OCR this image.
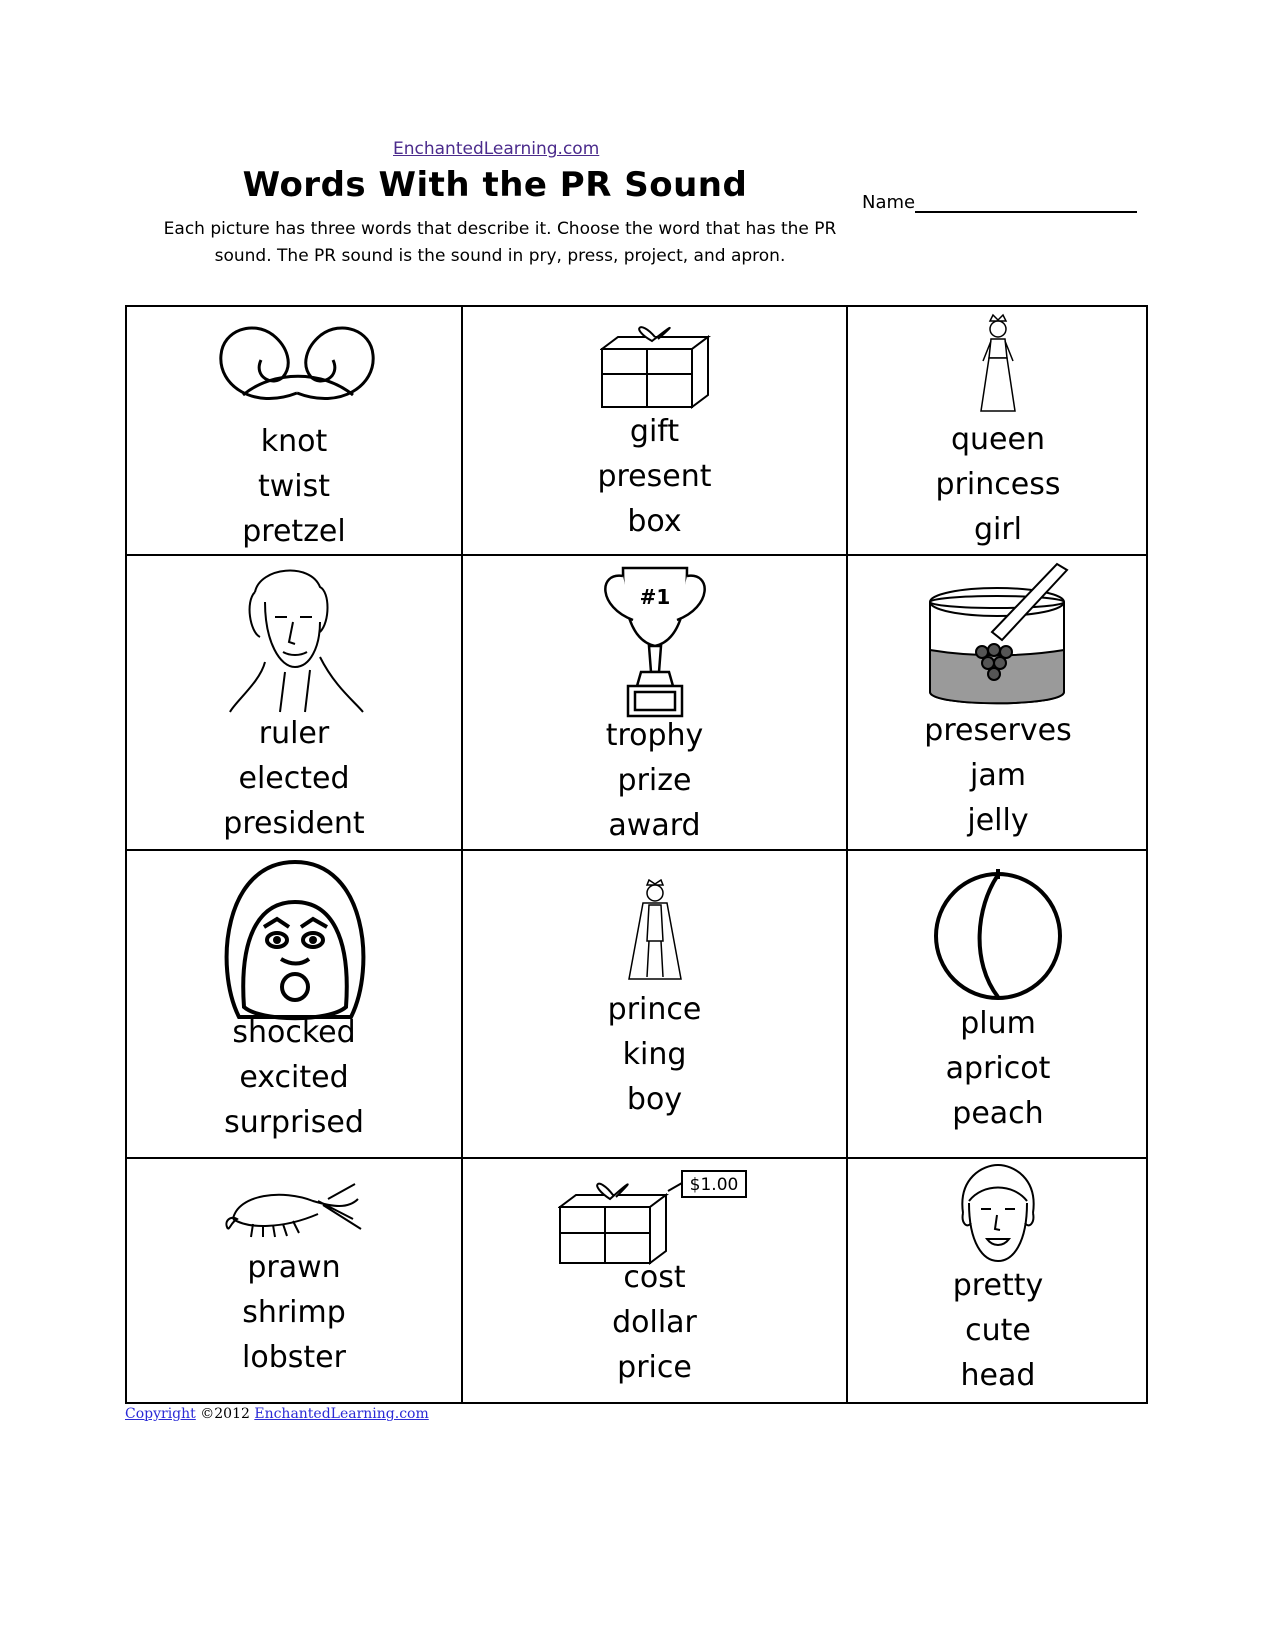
EnchantedLearning.com
Words With the PR Sound	Name

Each picture has three words that describe it. Choose the word that has the PR sound. The PR sound is the sound in pry, press, project, and apron.

knot
twist
pretzel
gift
present
box
queen
princess
girl
ruler
elected
president
#1
trophy
prize
award
preserves
jam
jelly
shocked
excited
surprised
prince
king
boy
plum
apricot
peach
prawn
shrimp
lobster
$1.00
cost
dollar
price
pretty
cute
head
Copyright ©2012 EnchantedLearning.com
